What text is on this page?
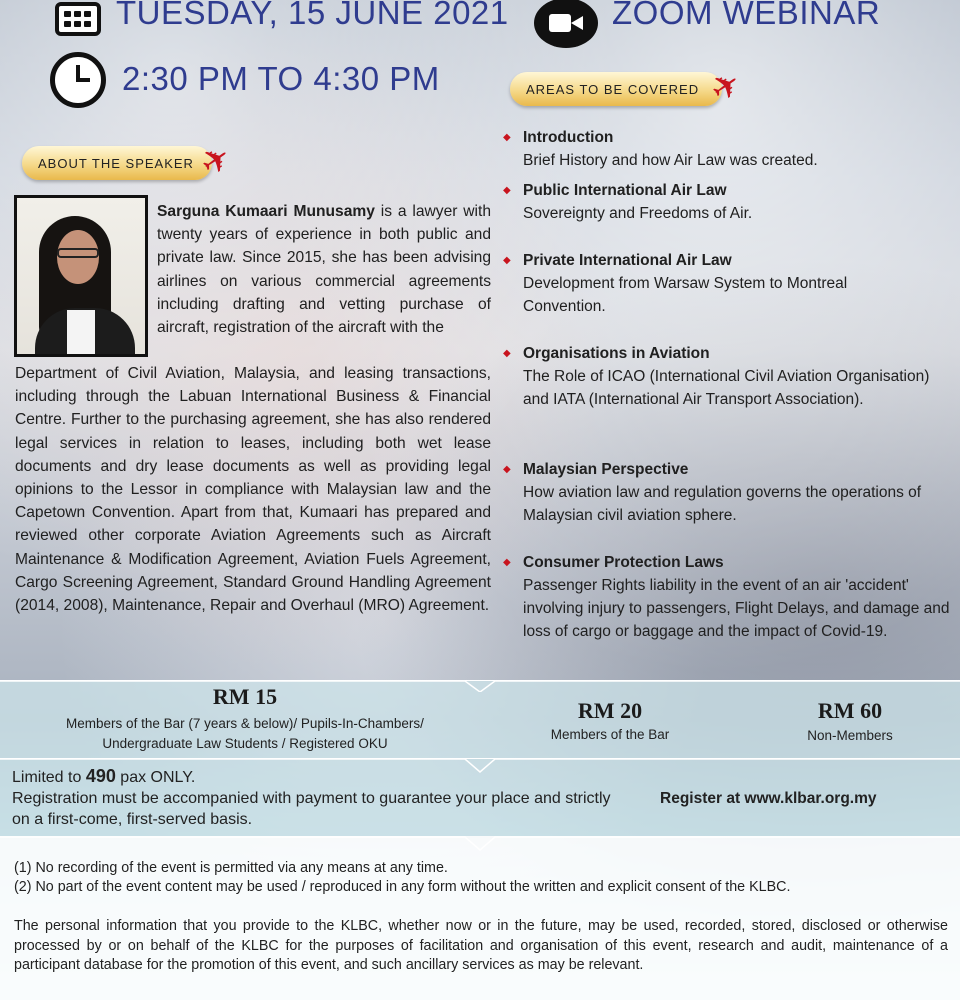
TUESDAY, 15 JUNE 2021
2:30 PM TO 4:30 PM
ZOOM WEBINAR
AREAS TO BE COVERED ✈
ABOUT THE SPEAKER ✈
Sarguna Kumaari Munusamy is a lawyer with twenty years of experience in both public and private law. Since 2015, she has been advising airlines on various commercial agreements including drafting and vetting purchase of aircraft, registration of the aircraft with the
Department of Civil Aviation, Malaysia, and leasing transactions, including through the Labuan International Business & Financial Centre. Further to the purchasing agreement, she has also rendered legal services in relation to leases, including both wet lease documents and dry lease documents as well as providing legal opinions to the Lessor in compliance with Malaysian law and the Capetown Convention. Apart from that, Kumaari has prepared and reviewed other corporate Aviation Agreements such as Aircraft Maintenance & Modification Agreement, Aviation Fuels Agreement, Cargo Screening Agreement, Standard Ground Handling Agreement (2014, 2008), Maintenance, Repair and Overhaul (MRO) Agreement.
◆ Introduction
Brief History and how Air Law was created.
◆ Public International Air Law
Sovereignty and Freedoms of Air.
◆ Private International Air Law
Development from Warsaw System to Montreal Convention.
◆ Organisations in Aviation
The Role of ICAO (International Civil Aviation Organisation) and IATA (International Air Transport Association).
◆ Malaysian Perspective
How aviation law and regulation governs the operations of Malaysian civil aviation sphere.
◆ Consumer Protection Laws
Passenger Rights liability in the event of an air 'accident' involving injury to passengers, Flight Delays, and damage and loss of cargo or baggage and the impact of Covid-19.
RM 15
Members of the Bar (7 years & below)/ Pupils-In-Chambers/ Undergraduate Law Students / Registered OKU
RM 20
Members of the Bar
RM 60
Non-Members
Limited to 490 pax ONLY.
Registration must be accompanied with payment to guarantee your place and strictly on a first-come, first-served basis.
Register at www.klbar.org.my
(1) No recording of the event is permitted via any means at any time.
(2) No part of the event content may be used / reproduced in any form without the written and explicit consent of the KLBC.
The personal information that you provide to the KLBC, whether now or in the future, may be used, recorded, stored, disclosed or otherwise processed by or on behalf of the KLBC for the purposes of facilitation and organisation of this event, research and audit, maintenance of a participant database for the promotion of this event, and such ancillary services as may be relevant.
